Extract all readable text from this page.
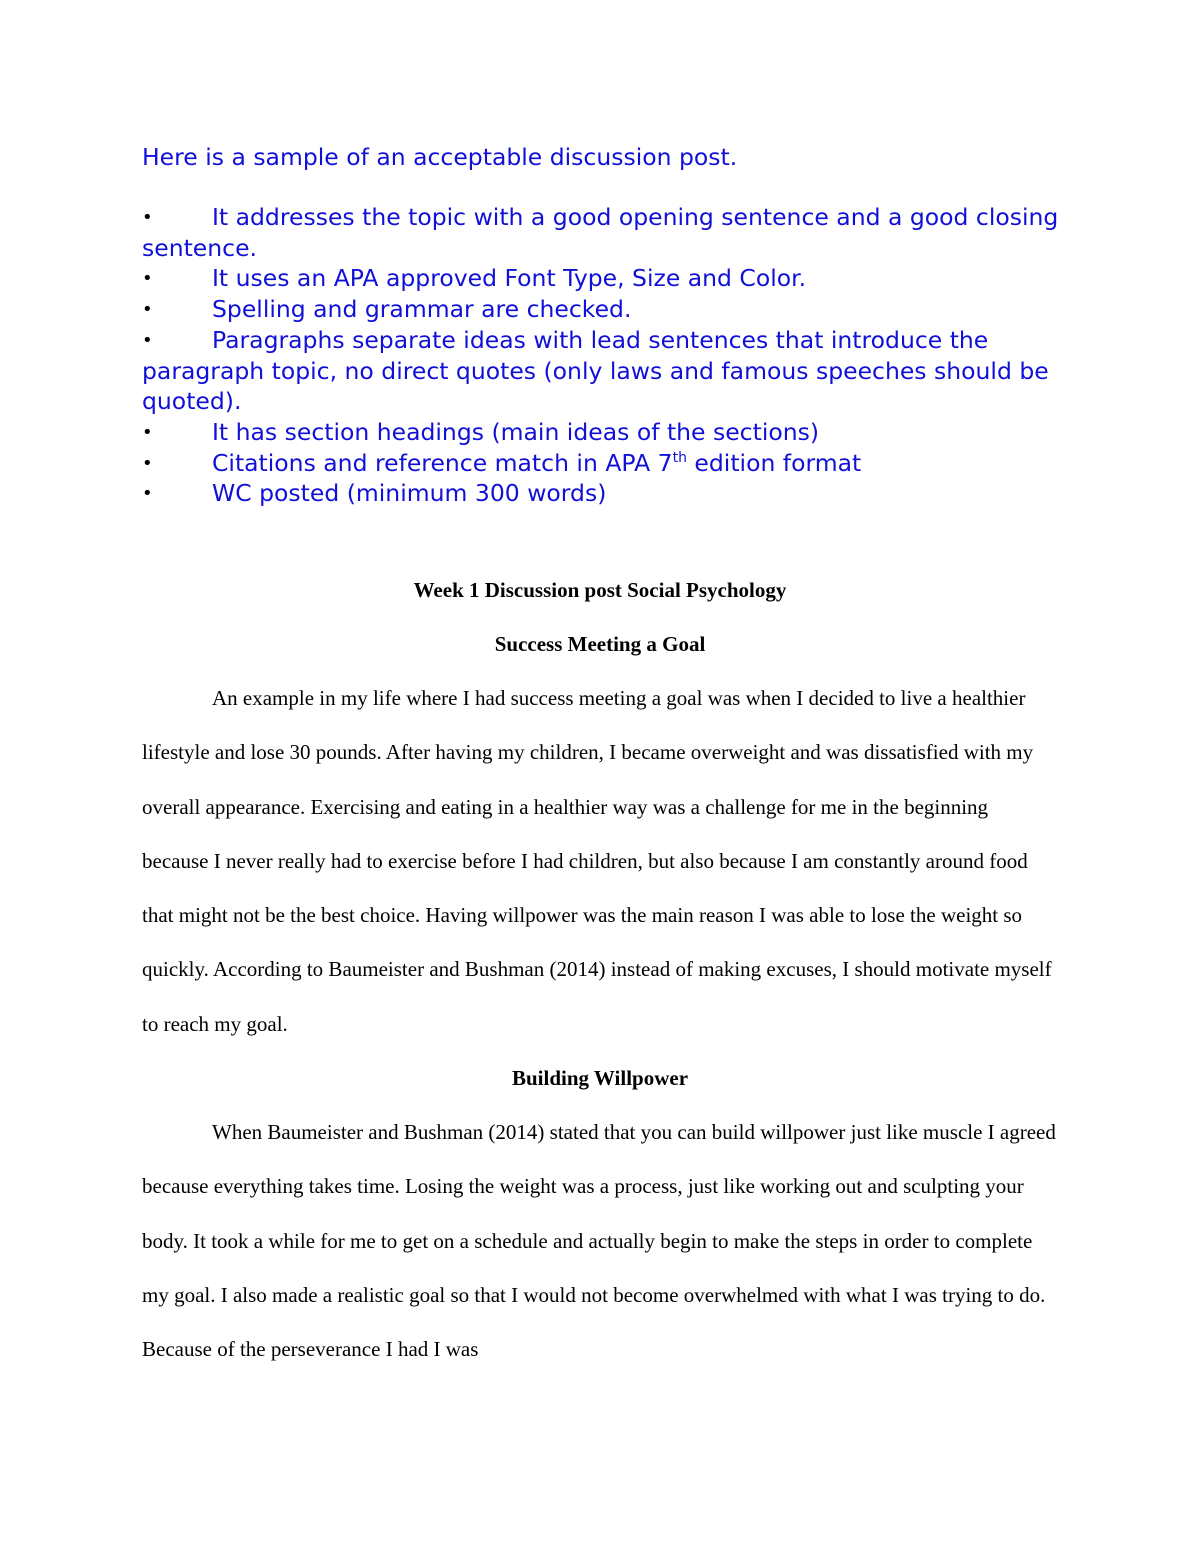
Here is a sample of an acceptable discussion post.

•	It addresses the topic with a good opening sentence and a good closing sentence.
•	It uses an APA approved Font Type, Size and Color.
•	Spelling and grammar are checked.
•	Paragraphs separate ideas with lead sentences that introduce the paragraph topic, no direct quotes (only laws and famous speeches should be quoted).
•	It has section headings (main ideas of the sections)
•	Citations and reference match in APA 7th edition format
•	WC posted (minimum 300 words)

Week 1 Discussion post Social Psychology

Success Meeting a Goal

An example in my life where I had success meeting a goal was when I decided to live a healthier lifestyle and lose 30 pounds. After having my children, I became overweight and was dissatisfied with my overall appearance. Exercising and eating in a healthier way was a challenge for me in the beginning because I never really had to exercise before I had children, but also because I am constantly around food that might not be the best choice. Having willpower was the main reason I was able to lose the weight so quickly. According to Baumeister and Bushman (2014) instead of making excuses, I should motivate myself to reach my goal.

Building Willpower

When Baumeister and Bushman (2014) stated that you can build willpower just like muscle I agreed because everything takes time. Losing the weight was a process, just like working out and sculpting your body. It took a while for me to get on a schedule and actually begin to make the steps in order to complete my goal. I also made a realistic goal so that I would not become overwhelmed with what I was trying to do. Because of the perseverance I had I was
